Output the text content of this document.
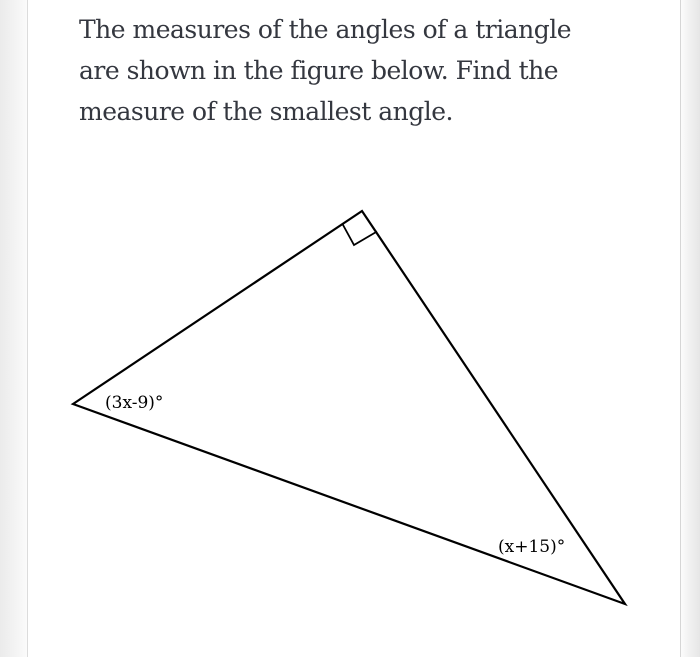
The measures of the angles of a triangle
are shown in the figure below. Find the
measure of the smallest angle.

(3x-9)°
(x+15)°
